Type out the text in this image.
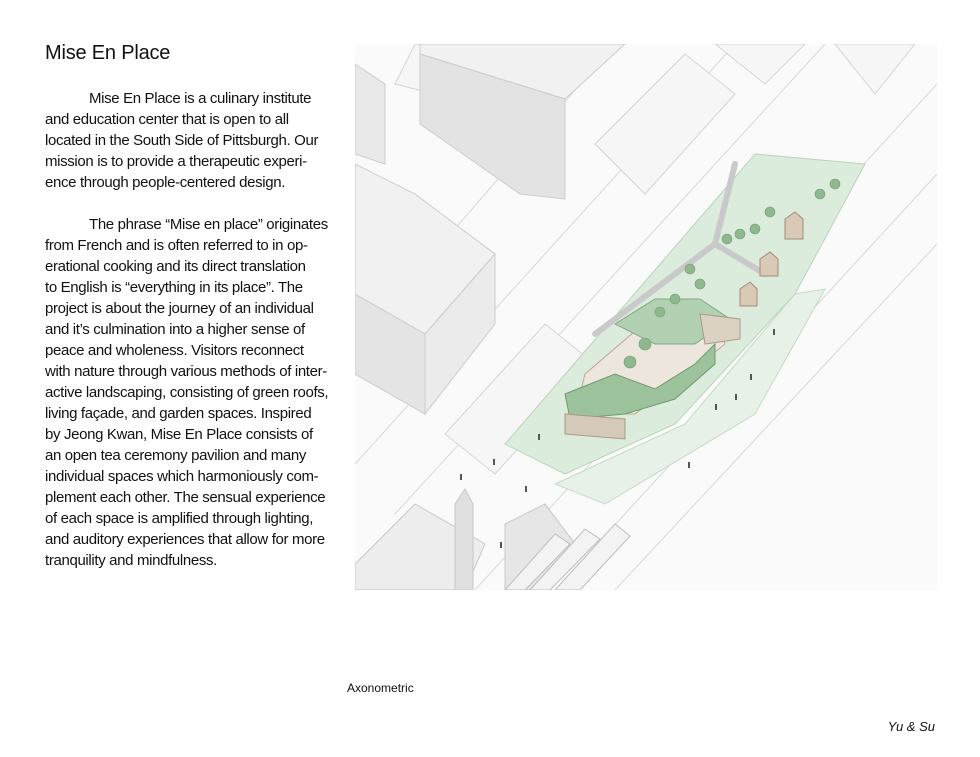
Mise En Place

Mise En Place is a culinary institute
and education center that is open to all
located in the South Side of Pittsburgh. Our
mission is to provide a therapeutic experi-
ence through people-centered design.

The phrase “Mise en place” originates
from French and is often referred to in op-
erational cooking and its direct translation
to English is “everything in its place”. The
project is about the journey of an individual
and it’s culmination into a higher sense of
peace and wholeness. Visitors reconnect
with nature through various methods of inter-
active landscaping, consisting of green roofs,
living façade, and garden spaces. Inspired
by Jeong Kwan, Mise En Place consists of
an open tea ceremony pavilion and many
individual spaces which harmoniously com-
plement each other. The sensual experience
of each space is amplified through lighting,
and auditory experiences that allow for more
tranquility and mindfulness.

Axonometric
Yu & Su
